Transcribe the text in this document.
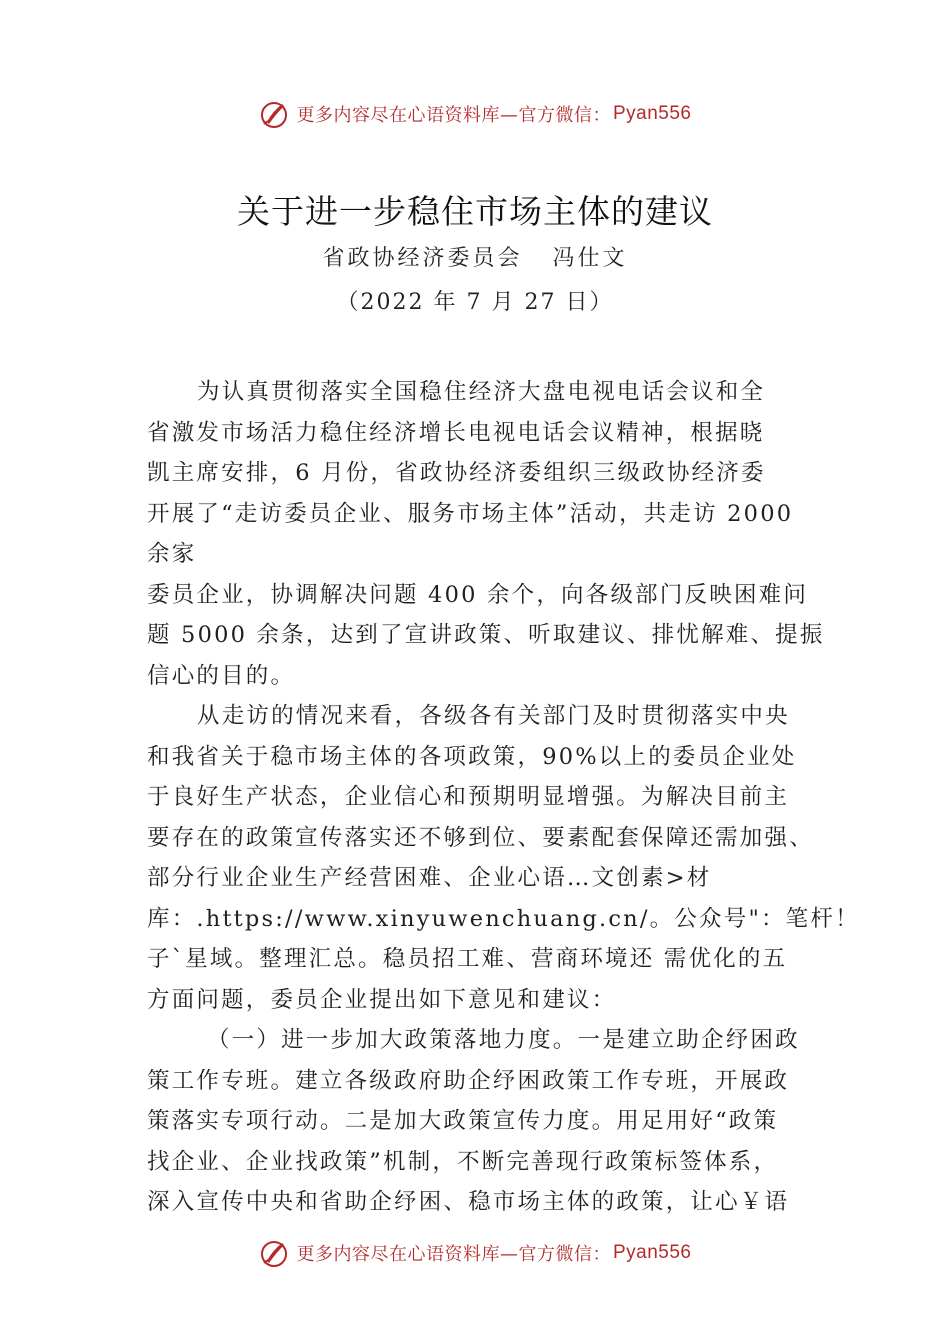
更多内容尽在心语资料库—官方微信： Pyan556
关于进一步稳住市场主体的建议
省政协经济委员会 冯仕文
（2022 年 7 月 27 日）
为认真贯彻落实全国稳住经济大盘电视电话会议和全
省激发市场活力稳住经济增长电视电话会议精神，根据晓
凯主席安排，6 月份，省政协经济委组织三级政协经济委
开展了“走访委员企业、服务市场主体”活动，共走访 2000
余家
委员企业，协调解决问题 400 余个，向各级部门反映困难问
题 5000 余条，达到了宣讲政策、听取建议、排忧解难、提振
信心的目的。
从走访的情况来看，各级各有关部门及时贯彻落实中央
和我省关于稳市场主体的各项政策，90%以上的委员企业处
于良好生产状态，企业信心和预期明显增强。为解决目前主
要存在的政策宣传落实还不够到位、要素配套保障还需加强、
部分行业企业生产经营困难、企业心语…文创素>材
库：.https://www.xinyuwenchuang.cn/。公众号"：笔杆！
子`星域。整理汇总。稳员招工难、营商环境还 需优化的五
方面问题，委员企业提出如下意见和建议：
（一）进一步加大政策落地力度。一是建立助企纾困政
策工作专班。建立各级政府助企纾困政策工作专班，开展政
策落实专项行动。二是加大政策宣传力度。用足用好“政策
找企业、企业找政策”机制，不断完善现行政策标签体系，
深入宣传中央和省助企纾困、稳市场主体的政策，让心￥语
更多内容尽在心语资料库—官方微信： Pyan556
